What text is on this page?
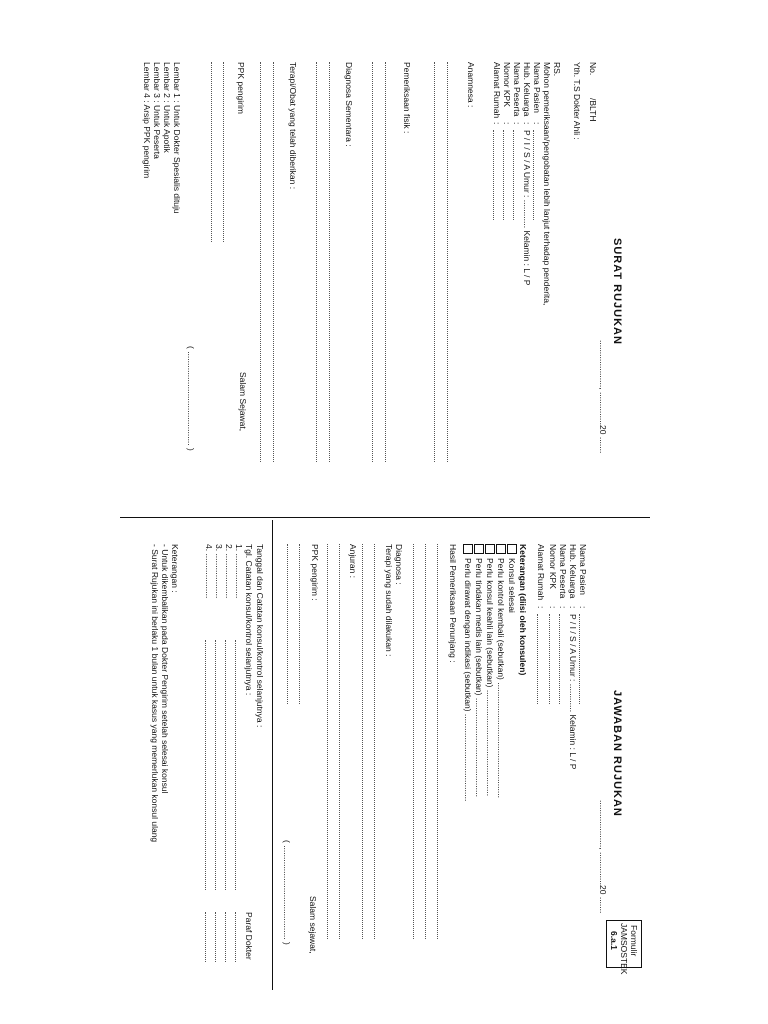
SURAT RUJUKAN
...................., ..............20 .......
No.
/BLTH
Yth. T.S Dokter Ahli :
RS.
Mohon pemeriksaan/pengobatan lebih lanjut terhadap penderita,
Nama Pasien
:
Hub. Keluarga
:
P / I / S / A Umur : ............ Kelamin : L / P
Nama Peserta
:
Nomor KPK
:
Alamat Rumah
:
Anamnesa :
Pemeriksaan fisik :
Diagnosa Sementara :
Terapi/Obat yang telah diberikan :
PPK pengirim
Salam Sejawat,
( ........................................ )
Lembar 1 : Untuk Dokter Spesialis dituju
Lembar 2 : Untuk Apotik
Lembar 3 : Untuk Peserta
Lembar 4 : Arsip PPK pengirim
Formulir
JAMSOSTEK
6.a.1
JAWABAN RUJUKAN
...................., ..............20 .......
Nama Pasien
:
Hub. Keluarga
:
P / I / S / A Umur : ............ Kelamin : L / P
Nama Peserta
:
Nomor KPK
:
Alamat Rumah
:
Keterangan (diisi oleh konsulen)
Konsul selesai
Perlu kontrol kembali (sebutkan) .................................................
Perlu konsul keahli lain (sebutkan) .............................................
Perlu tindakan medis lain (sebutkan) ..........................................
Perlu dirawat dengan indikasi (sebutkan) .....................................
Hasil Pemeriksaan Penunjang :
Diagnosa :
Terapi yang sudah dilakukan :
Anjuran :
PPK pengirim :
Salam sejawat,
( ........................................ )
Tanggal dan Catatan konsul/kontrol selanjutnya :
Tgl. Catatan konsul/kontrol selanjutnya :
Paraf Dokter
1. ...................
2. ...................
3. ...................
4. ...................
Keterangan :
- Untuk dikembalikan pada Dokter Pengirim setelah selesai konsul
- Surat Rujukan ini berlaku 1 bulan untuk kasus yang memerlukan konsul ulang
